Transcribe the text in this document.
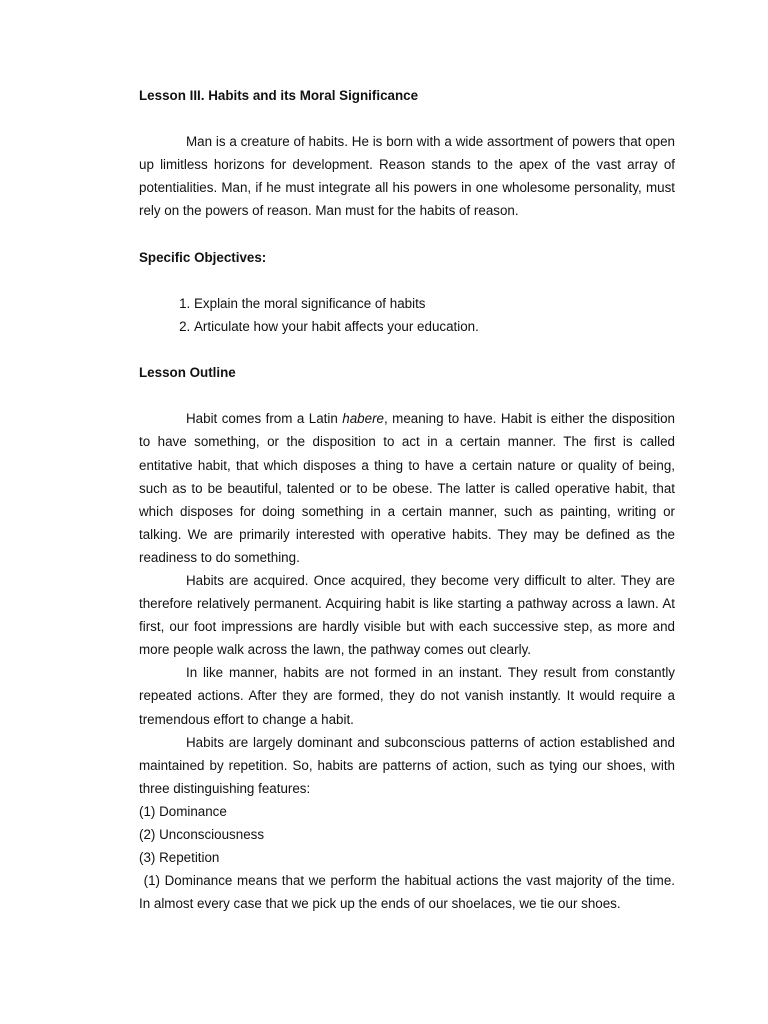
Lesson III. Habits and its Moral Significance

Man is a creature of habits. He is born with a wide assortment of powers that open up limitless horizons for development. Reason stands to the apex of the vast array of potentialities. Man, if he must integrate all his powers in one wholesome personality, must rely on the powers of reason. Man must for the habits of reason.

Specific Objectives:

1. Explain the moral significance of habits
2. Articulate how your habit affects your education.

Lesson Outline

Habit comes from a Latin habere, meaning to have. Habit is either the disposition to have something, or the disposition to act in a certain manner. The first is called entitative habit, that which disposes a thing to have a certain nature or quality of being, such as to be beautiful, talented or to be obese. The latter is called operative habit, that which disposes for doing something in a certain manner, such as painting, writing or talking. We are primarily interested with operative habits. They may be defined as the readiness to do something.

Habits are acquired. Once acquired, they become very difficult to alter. They are therefore relatively permanent. Acquiring habit is like starting a pathway across a lawn. At first, our foot impressions are hardly visible but with each successive step, as more and more people walk across the lawn, the pathway comes out clearly.

In like manner, habits are not formed in an instant. They result from constantly repeated actions. After they are formed, they do not vanish instantly. It would require a tremendous effort to change a habit.

Habits are largely dominant and subconscious patterns of action established and maintained by repetition. So, habits are patterns of action, such as tying our shoes, with three distinguishing features:

(1) Dominance

(2) Unconsciousness

(3) Repetition

(1) Dominance means that we perform the habitual actions the vast majority of the time. In almost every case that we pick up the ends of our shoelaces, we tie our shoes.
